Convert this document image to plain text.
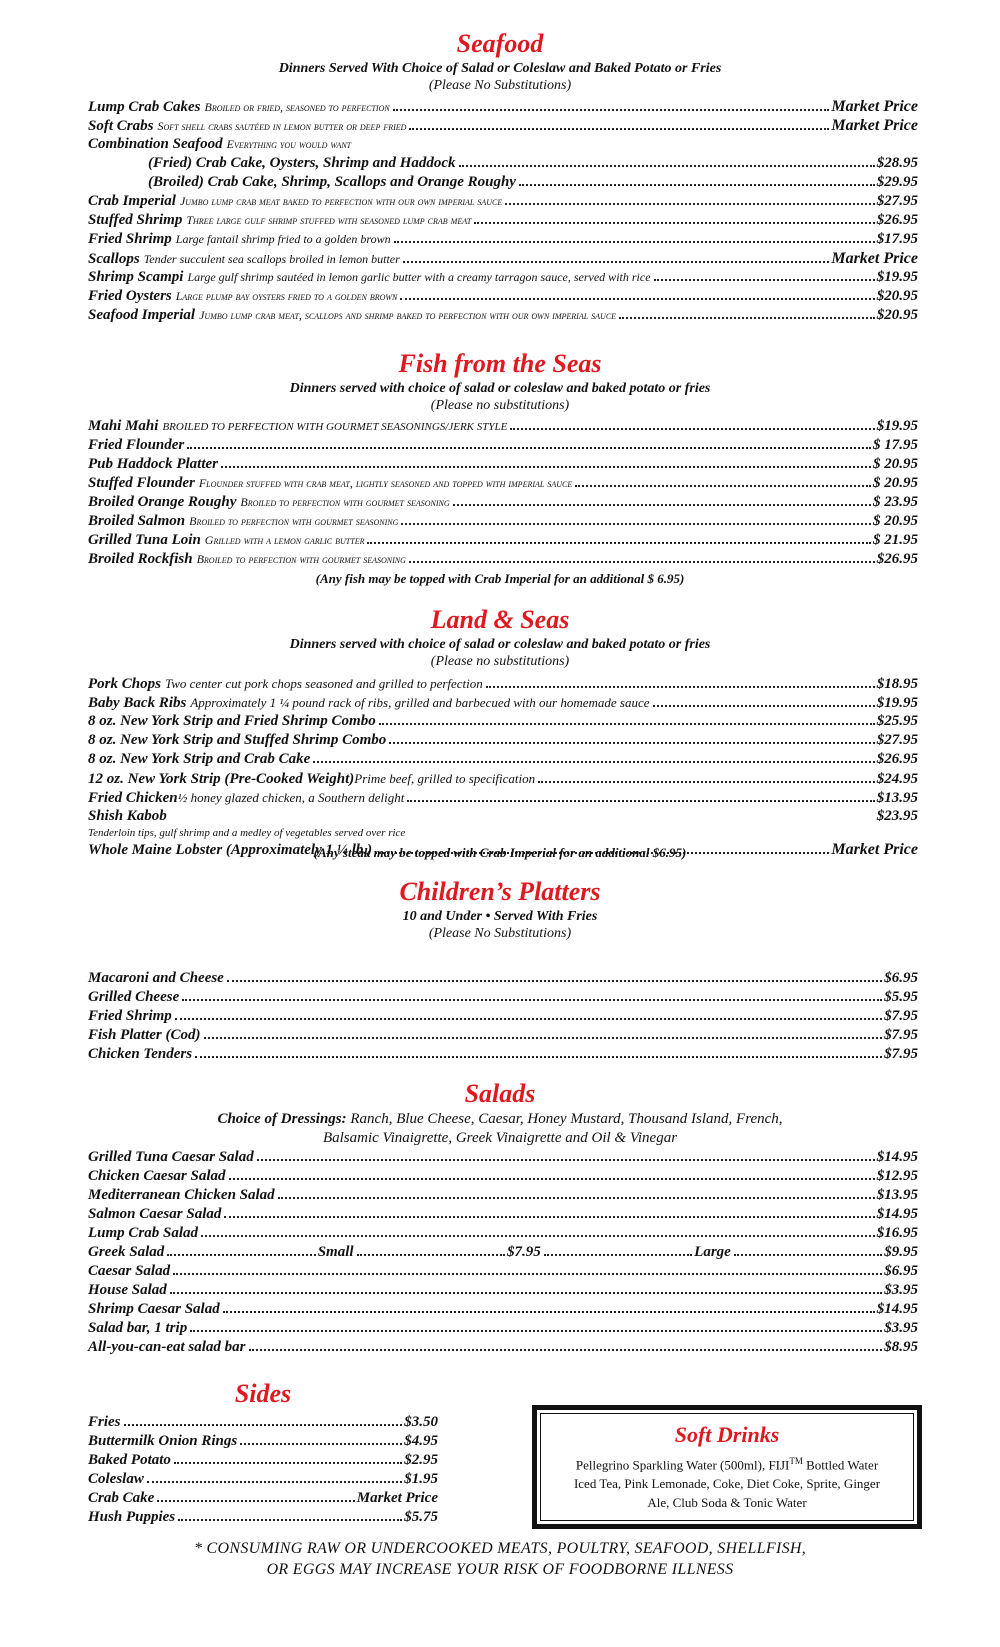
Seafood
Dinners Served With Choice of Salad or Coleslaw and Baked Potato or Fries
(Please No Substitutions)
Lump Crab Cakes Broiled or fried, seasoned to perfection	Market Price
Soft Crabs Soft shell crabs sautéed in lemon butter or deep fried	Market Price
Combination Seafood Everything you would want
(Fried) Crab Cake, Oysters, Shrimp and Haddock	$28.95
(Broiled) Crab Cake, Shrimp, Scallops and Orange Roughy	$29.95
Crab Imperial Jumbo lump crab meat baked to perfection with our own imperial sauce	$27.95
Stuffed Shrimp Three large gulf shrimp stuffed with seasoned lump crab meat	$26.95
Fried Shrimp Large fantail shrimp fried to a golden brown	$17.95
Scallops Tender succulent sea scallops broiled in lemon butter	Market Price
Shrimp Scampi Large gulf shrimp sautéed in lemon garlic butter with a creamy tarragon sauce, served with rice	$19.95
Fried Oysters Large plump bay oysters fried to a golden brown	$20.95
Seafood Imperial Jumbo lump crab meat, scallops and shrimp baked to perfection with our own imperial sauce	$20.95
Fish from the Seas
Dinners served with choice of salad or coleslaw and baked potato or fries
(Please no substitutions)
Mahi Mahi BROILED TO PERFECTION WITH GOURMET SEASONINGS/JERK STYLE	$19.95
Fried Flounder	$ 17.95
Pub Haddock Platter	$ 20.95
Stuffed Flounder Flounder stuffed with crab meat, lightly seasoned and topped with imperial sauce	$ 20.95
Broiled Orange Roughy Broiled to perfection with gourmet seasoning	$ 23.95
Broiled Salmon Broiled to perfection with gourmet seasoning	$ 20.95
Grilled Tuna Loin Grilled with a lemon garlic butter	$ 21.95
Broiled Rockfish Broiled to perfection with gourmet seasoning	$26.95
(Any fish may be topped with Crab Imperial for an additional $ 6.95)
Land & Seas
Dinners served with choice of salad or coleslaw and baked potato or fries
(Please no substitutions)
Pork Chops Two center cut pork chops seasoned and grilled to perfection	$18.95
Baby Back Ribs Approximately 1 ¼ pound rack of ribs, grilled and barbecued with our homemade sauce	$19.95
8 oz. New York Strip and Fried Shrimp Combo	$25.95
8 oz. New York Strip and Stuffed Shrimp Combo	$27.95
8 oz. New York Strip and Crab Cake	$26.95
12 oz. New York Strip (Pre-Cooked Weight) Prime beef, grilled to specification	$24.95
Fried Chicken ½ honey glazed chicken, a Southern delight	$13.95
Shish Kabob	$23.95
Tenderloin tips, gulf shrimp and a medley of vegetables served over rice
Whole Maine Lobster (Approximately 1 ¼ lb.)	Market Price
(Any steak may be topped with Crab Imperial for an additional $6.95)
Children’s Platters
10 and Under • Served With Fries
(Please No Substitutions)
Macaroni and Cheese	$6.95
Grilled Cheese	$5.95
Fried Shrimp	$7.95
Fish Platter (Cod)	$7.95
Chicken Tenders	$7.95
Salads
Choice of Dressings: Ranch, Blue Cheese, Caesar, Honey Mustard, Thousand Island, French,
Balsamic Vinaigrette, Greek Vinaigrette and Oil & Vinegar
Grilled Tuna Caesar Salad	$14.95
Chicken Caesar Salad	$12.95
Mediterranean Chicken Salad	$13.95
Salmon Caesar Salad	$14.95
Lump Crab Salad	$16.95
Greek Salad	Small	$7.95	Large	$9.95
Caesar Salad	$6.95
House Salad	$3.95
Shrimp Caesar Salad	$14.95
Salad bar, 1 trip	$3.95
All-you-can-eat salad bar	$8.95
Sides
Fries	$3.50
Buttermilk Onion Rings	$4.95
Baked Potato	$2.95
Coleslaw	$1.95
Crab Cake	Market Price
Hush Puppies	$5.75
Soft Drinks
Pellegrino Sparkling Water (500ml), FIJI™ Bottled Water
Iced Tea, Pink Lemonade, Coke, Diet Coke, Sprite, Ginger
Ale, Club Soda & Tonic Water
* CONSUMING RAW OR UNDERCOOKED MEATS, POULTRY, SEAFOOD, SHELLFISH,
OR EGGS MAY INCREASE YOUR RISK OF FOODBORNE ILLNESS
